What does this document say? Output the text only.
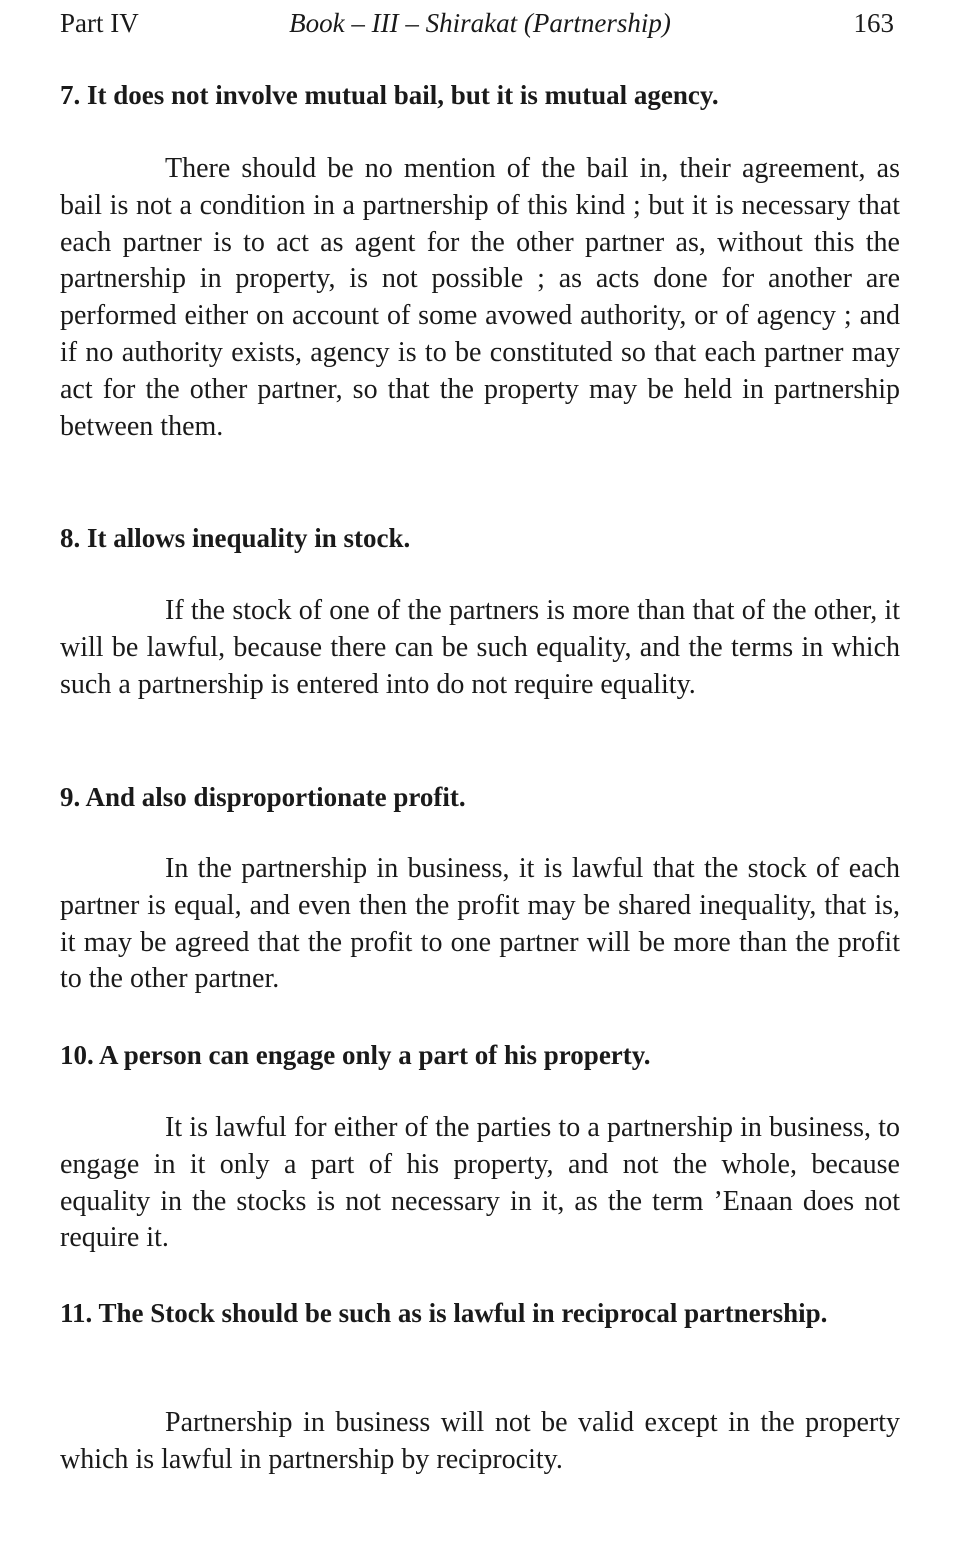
Part IV	Book – III – Shirakat (Partnership)	163
7. It does not involve mutual bail, but it is mutual agency.
There should be no mention of the bail in, their agreement, as bail is not a condition in a partnership of this kind ; but it is necessary that each partner is to act as agent for the other partner as, without this the partnership in property, is not possible ; as acts done for another are performed either on account of some avowed authority, or of agency ; and if no authority exists, agency is to be constituted so that each partner may act for the other partner, so that the property may be held in partnership between them.
8. It allows inequality in stock.
If the stock of one of the partners is more than that of the other, it will be lawful, because there can be such equality, and the terms in which such a partnership is entered into do not require equality.
9. And also disproportionate profit.
In the partnership in business, it is lawful that the stock of each partner is equal, and even then the profit may be shared inequality, that is, it may be agreed that the profit to one partner will be more than the profit to the other partner.
10. A person can engage only a part of his property.
It is lawful for either of the parties to a partnership in business, to engage in it only a part of his property, and not the whole, because equality in the stocks is not necessary in it, as the term ’Enaan does not require it.
11. The Stock should be such as is lawful in reciprocal partnership.
Partnership in business will not be valid except in the property which is lawful in partnership by reciprocity.
